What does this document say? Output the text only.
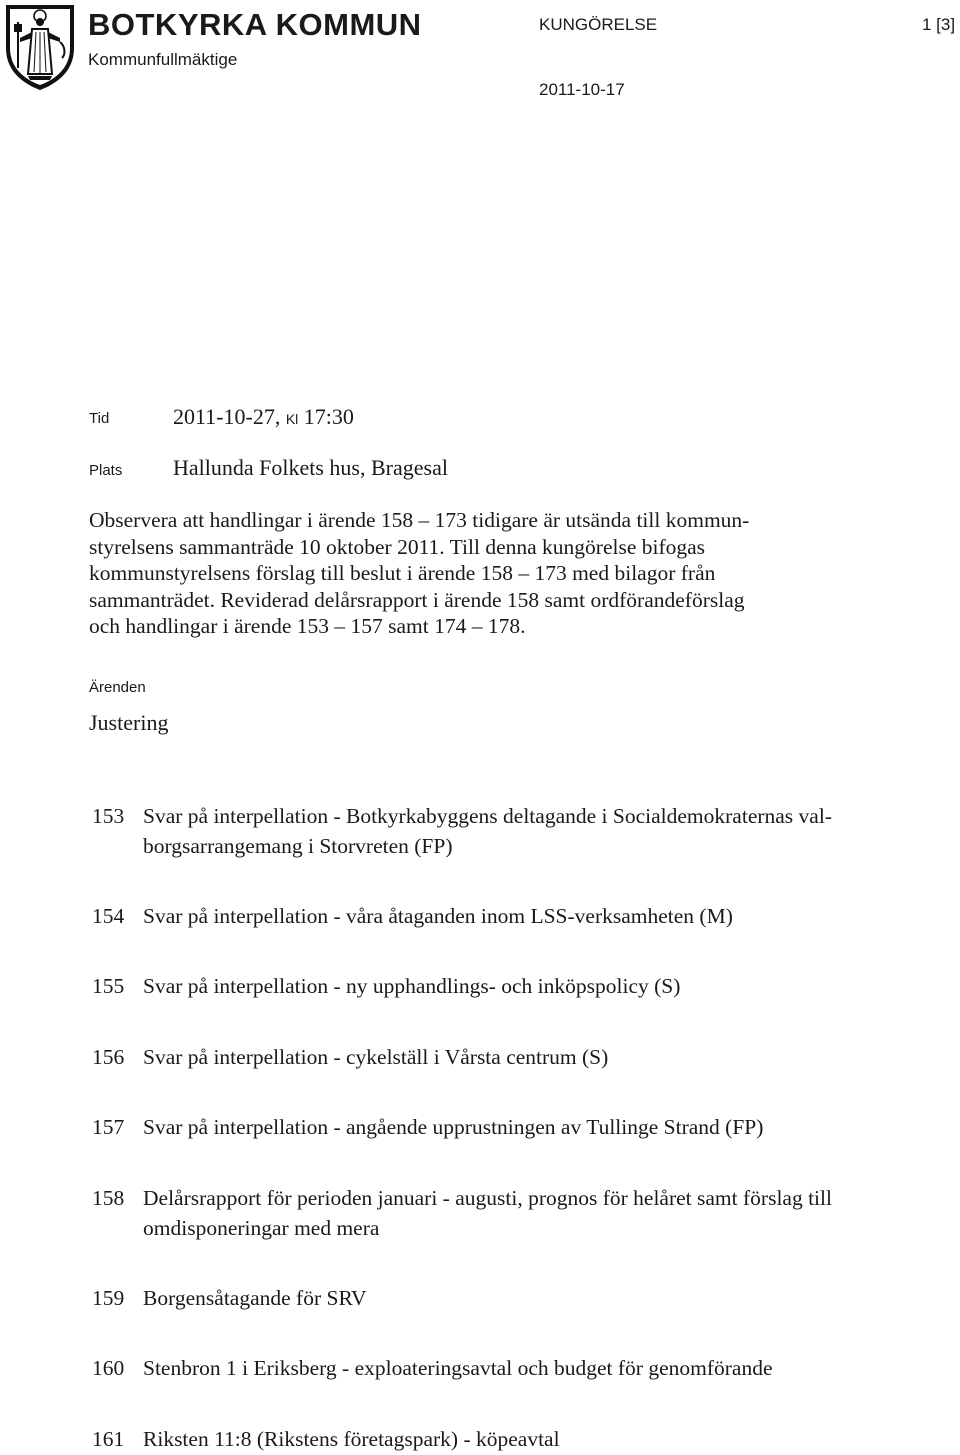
BOTKYRKA KOMMUN
Kommunfullmäktige
KUNGÖRELSE	1 [3]
2011-10-17
Tid	2011-10-27, Kl 17:30
Plats Hallunda Folkets hus, Bragesal
Observera att handlingar i ärende 158 – 173 tidigare är utsända till kommun-
styrelsens sammanträde 10 oktober 2011. Till denna kungörelse bifogas
kommunstyrelsens förslag till beslut i ärende 158 – 173 med bilagor från
sammanträdet. Reviderad delårsrapport i ärende 158 samt ordförandeförslag
och handlingar i ärende 153 – 157 samt 174 – 178.
Ärenden
Justering
153 Svar på interpellation - Botkyrkabyggens deltagande i Socialdemokraternas val-
borgsarrangemang i Storvreten (FP)
154 Svar på interpellation - våra åtaganden inom LSS-verksamheten (M)
155 Svar på interpellation - ny upphandlings- och inköpspolicy (S)
156 Svar på interpellation - cykelställ i Vårsta centrum (S)
157 Svar på interpellation - angående upprustningen av Tullinge Strand (FP)
158 Delårsrapport för perioden januari - augusti, prognos för helåret samt förslag till
omdisponeringar med mera
159 Borgensåtagande för SRV
160 Stenbron 1 i Eriksberg - exploateringsavtal och budget för genomförande
161 Riksten 11:8 (Rikstens företagspark) - köpeavtal
